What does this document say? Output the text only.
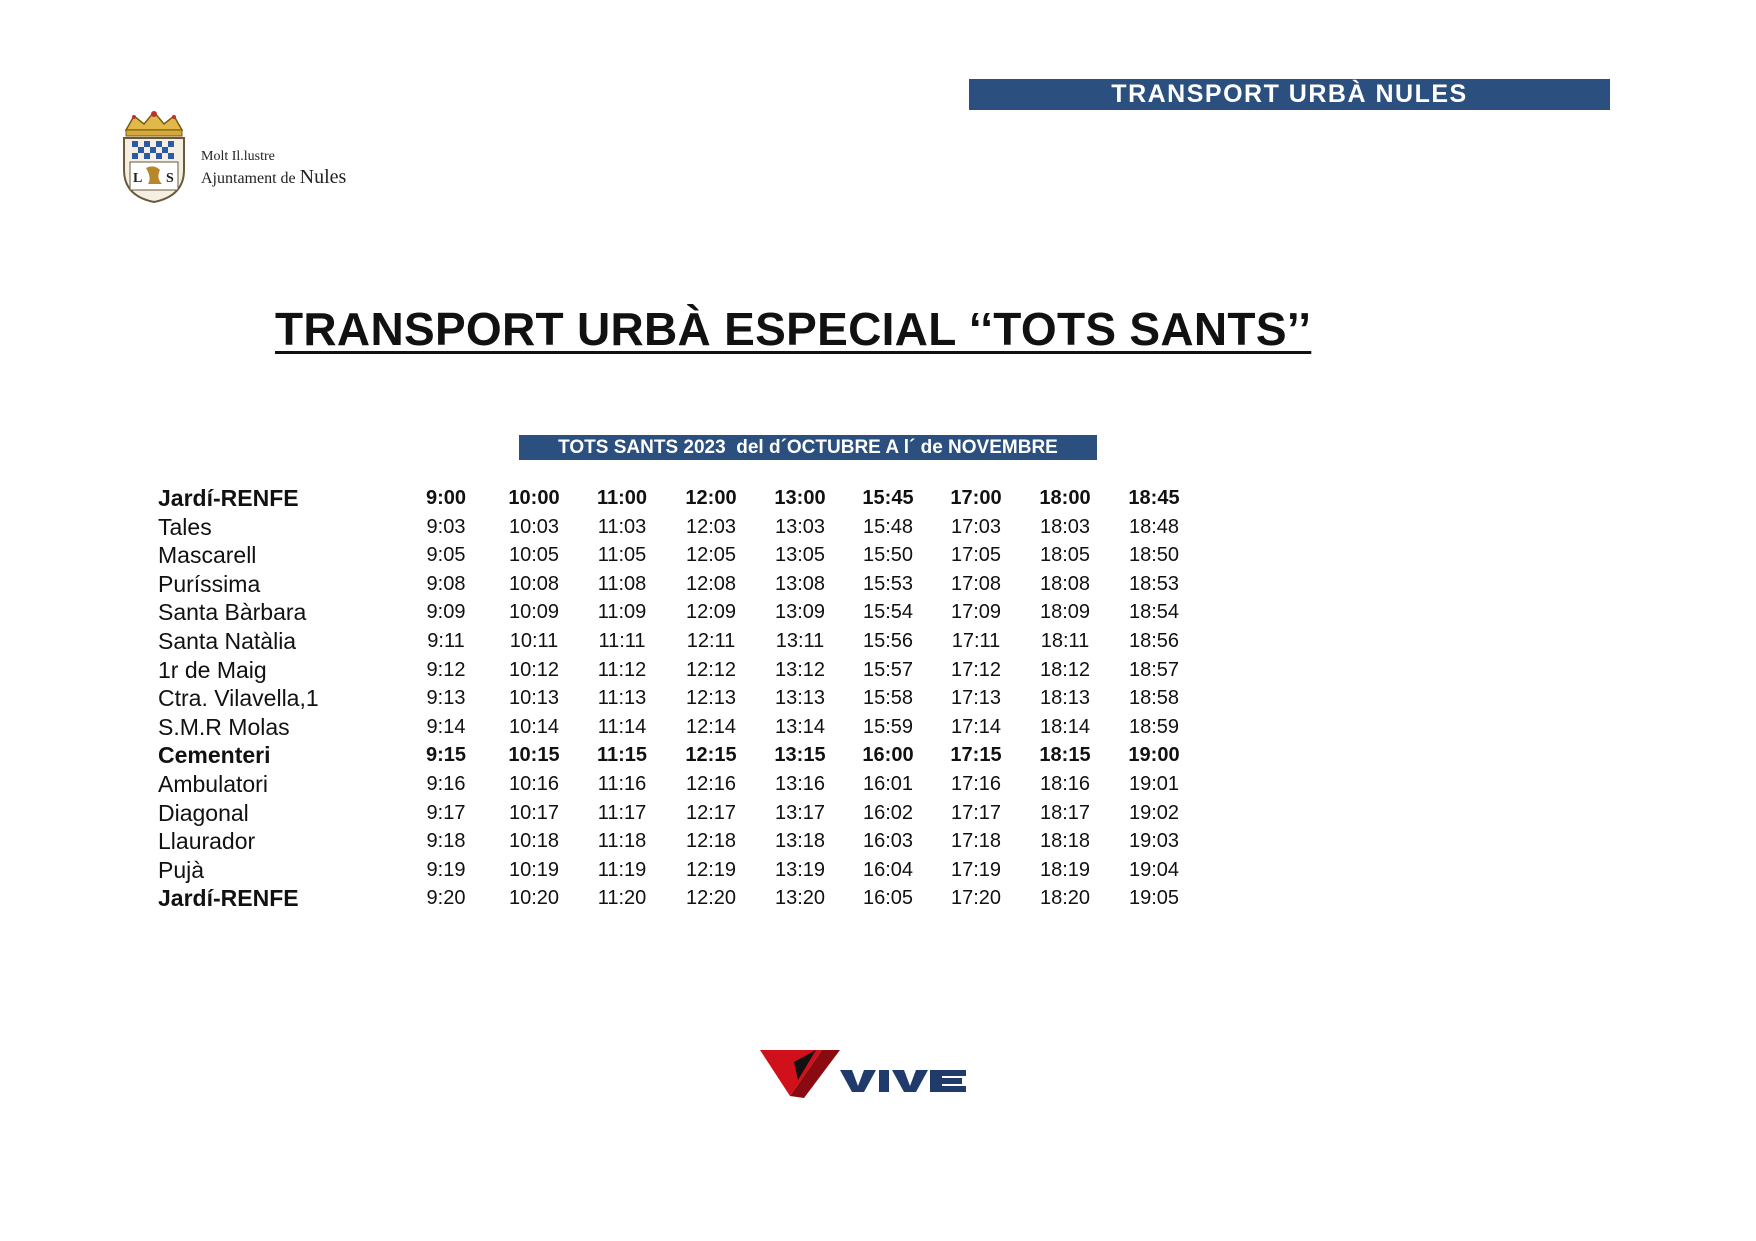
TRANSPORT URBÀ NULES
L S
Molt Il.lustre
Ajuntament de Nules
TRANSPORT URBÀ ESPECIAL ‘‘TOTS SANTS’’
TOTS SANTS 2023  del d´OCTUBRE A l´ de NOVEMBRE
Jardí-RENFE	9:00	10:00	11:00	12:00	13:00	15:45	17:00	18:00	18:45
Tales	9:03	10:03	11:03	12:03	13:03	15:48	17:03	18:03	18:48
Mascarell	9:05	10:05	11:05	12:05	13:05	15:50	17:05	18:05	18:50
Puríssima	9:08	10:08	11:08	12:08	13:08	15:53	17:08	18:08	18:53
Santa Bàrbara	9:09	10:09	11:09	12:09	13:09	15:54	17:09	18:09	18:54
Santa Natàlia	9:11	10:11	11:11	12:11	13:11	15:56	17:11	18:11	18:56
1r de Maig	9:12	10:12	11:12	12:12	13:12	15:57	17:12	18:12	18:57
Ctra. Vilavella,1	9:13	10:13	11:13	12:13	13:13	15:58	17:13	18:13	18:58
S.M.R Molas	9:14	10:14	11:14	12:14	13:14	15:59	17:14	18:14	18:59
Cementeri	9:15	10:15	11:15	12:15	13:15	16:00	17:15	18:15	19:00
Ambulatori	9:16	10:16	11:16	12:16	13:16	16:01	17:16	18:16	19:01
Diagonal	9:17	10:17	11:17	12:17	13:17	16:02	17:17	18:17	19:02
Llaurador	9:18	10:18	11:18	12:18	13:18	16:03	17:18	18:18	19:03
Pujà	9:19	10:19	11:19	12:19	13:19	16:04	17:19	18:19	19:04
Jardí-RENFE	9:20	10:20	11:20	12:20	13:20	16:05	17:20	18:20	19:05
